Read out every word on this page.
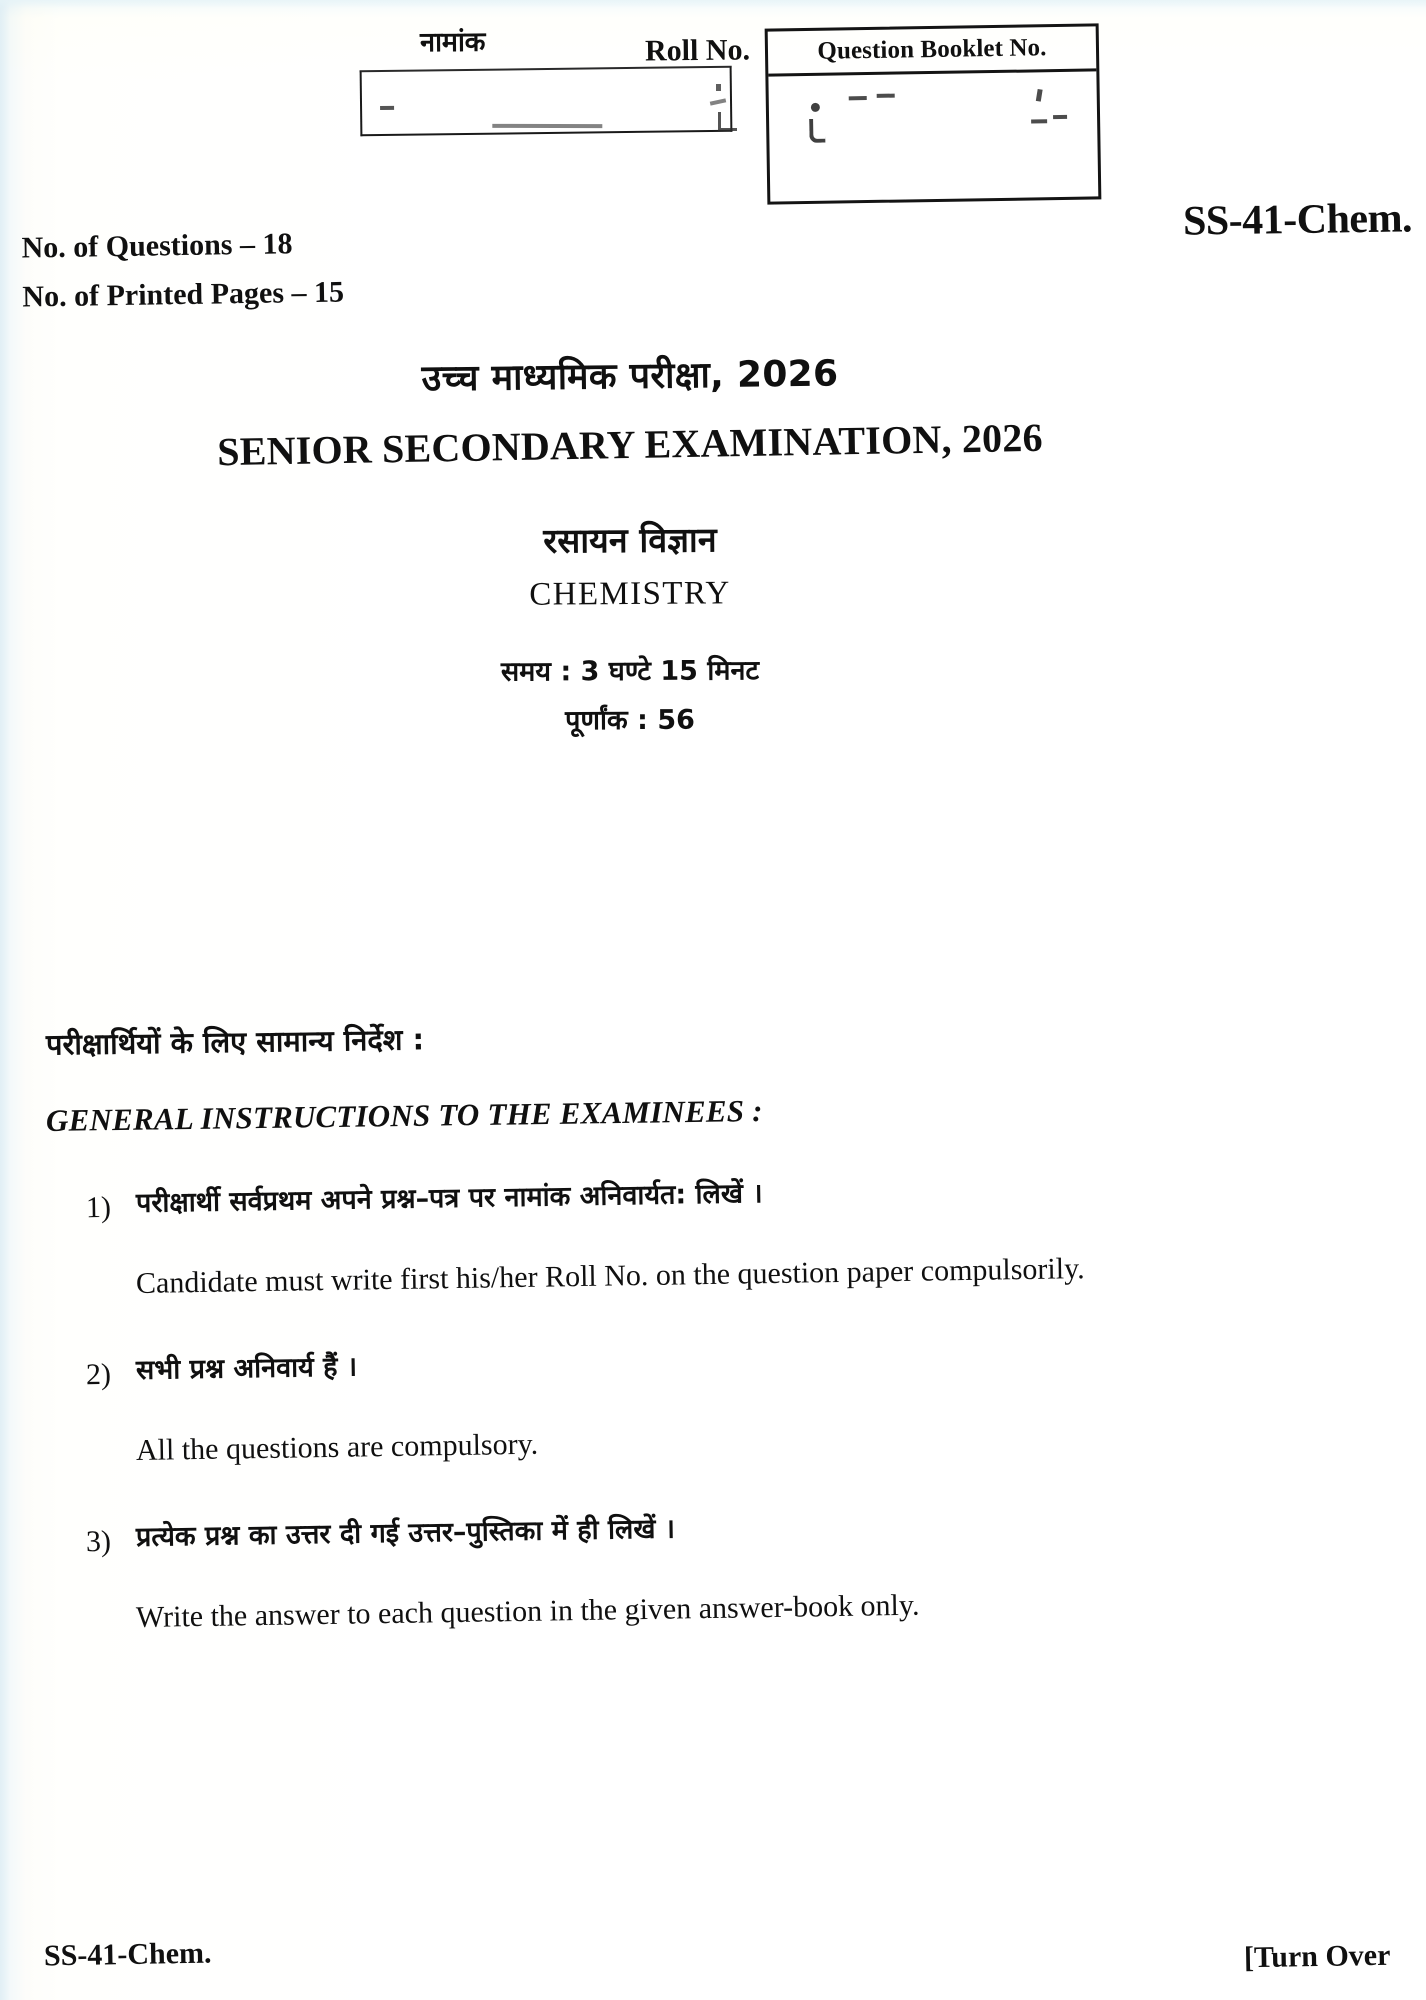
नामांक	Roll No.	Question Booklet No.
SS-41-Chem.
No. of Questions – 18
No. of Printed Pages – 15
उच्च माध्यमिक परीक्षा, 2026
SENIOR SECONDARY EXAMINATION, 2026
रसायन विज्ञान
CHEMISTRY
समय : 3 घण्टे 15 मिनट
पूर्णांक : 56
परीक्षार्थियों के लिए सामान्य निर्देश :
GENERAL INSTRUCTIONS TO THE EXAMINEES :
1) परीक्षार्थी सर्वप्रथम अपने प्रश्न–पत्र पर नामांक अनिवार्यत: लिखें ।
Candidate must write first his/her Roll No. on the question paper compulsorily.
2) सभी प्रश्न अनिवार्य हैं ।
All the questions are compulsory.
3) प्रत्येक प्रश्न का उत्तर दी गई उत्तर–पुस्तिका में ही लिखें ।
Write the answer to each question in the given answer-book only.
SS-41-Chem.	[Turn Over
